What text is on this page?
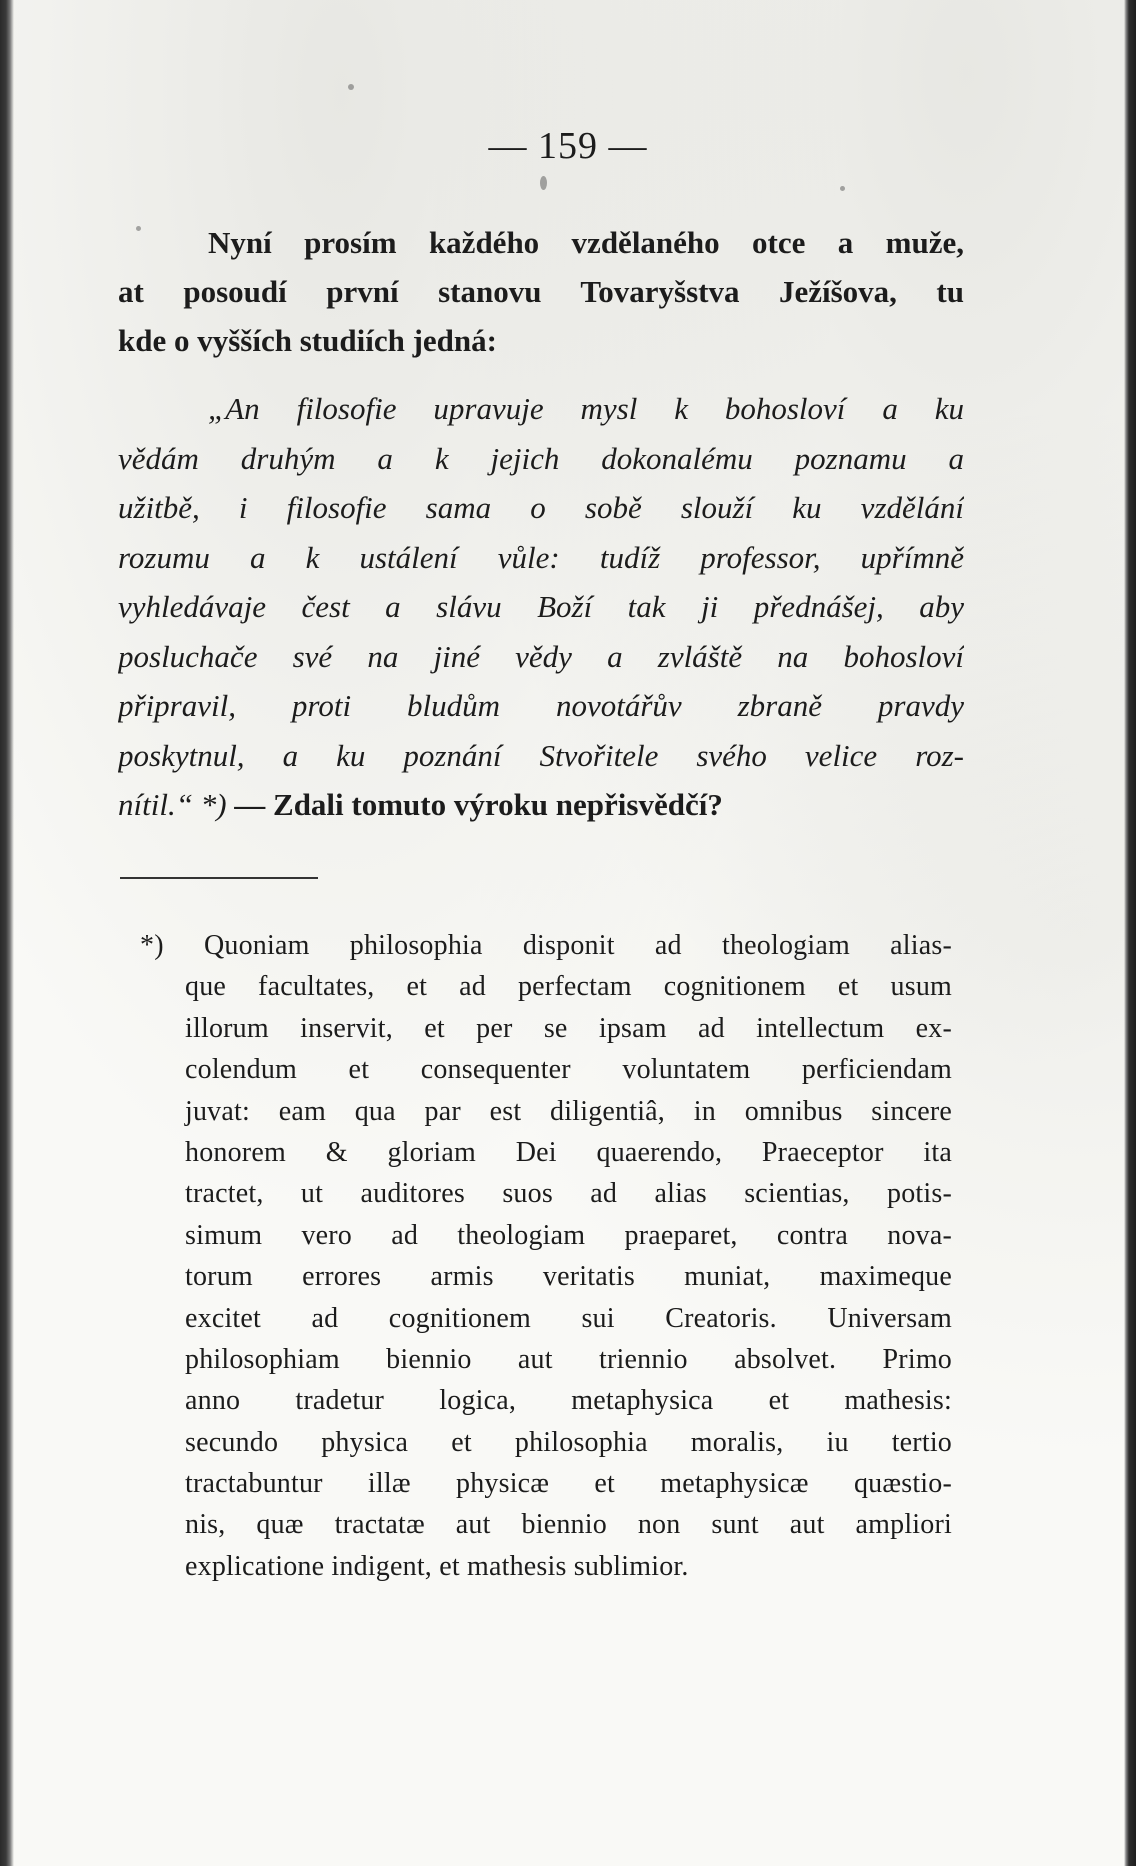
— 159 —
Nyní prosím každého vzdělaného otce a muže,
at posoudí první stanovu Tovaryšstva Ježíšova, tu
kde o vyšších studiích jedná:
„An filosofie upravuje mysl k bohosloví a ku
vědám druhým a k jejich dokonalému poznamu a
užitbě, i filosofie sama o sobě slouží ku vzdělání
rozumu a k ustálení vůle: tudíž professor, upřímně
vyhledávaje čest a slávu Boží tak ji přednášej, aby
posluchače své na jiné vědy a zvláště na bohosloví
připravil, proti bludům novotářův zbraně pravdy
poskytnul, a ku poznání Stvořitele svého velice roz-
nítil.“ *) — Zdali tomuto výroku nepřisvědčí?
*) Quoniam philosophia disponit ad theologiam alias-
que facultates, et ad perfectam cognitionem et usum
illorum inservit, et per se ipsam ad intellectum ex-
colendum et consequenter voluntatem perficiendam
juvat: eam qua par est diligentiâ, in omnibus sincere
honorem & gloriam Dei quaerendo, Praeceptor ita
tractet, ut auditores suos ad alias scientias, potis-
simum vero ad theologiam praeparet, contra nova-
torum errores armis veritatis muniat, maximeque
excitet ad cognitionem sui Creatoris. Universam
philosophiam biennio aut triennio absolvet. Primo
anno tradetur logica, metaphysica et mathesis:
secundo physica et philosophia moralis, iu tertio
tractabuntur illæ physicæ et metaphysicæ quæstio-
nis, quæ tractatæ aut biennio non sunt aut ampliori
explicatione indigent, et mathesis sublimior.
